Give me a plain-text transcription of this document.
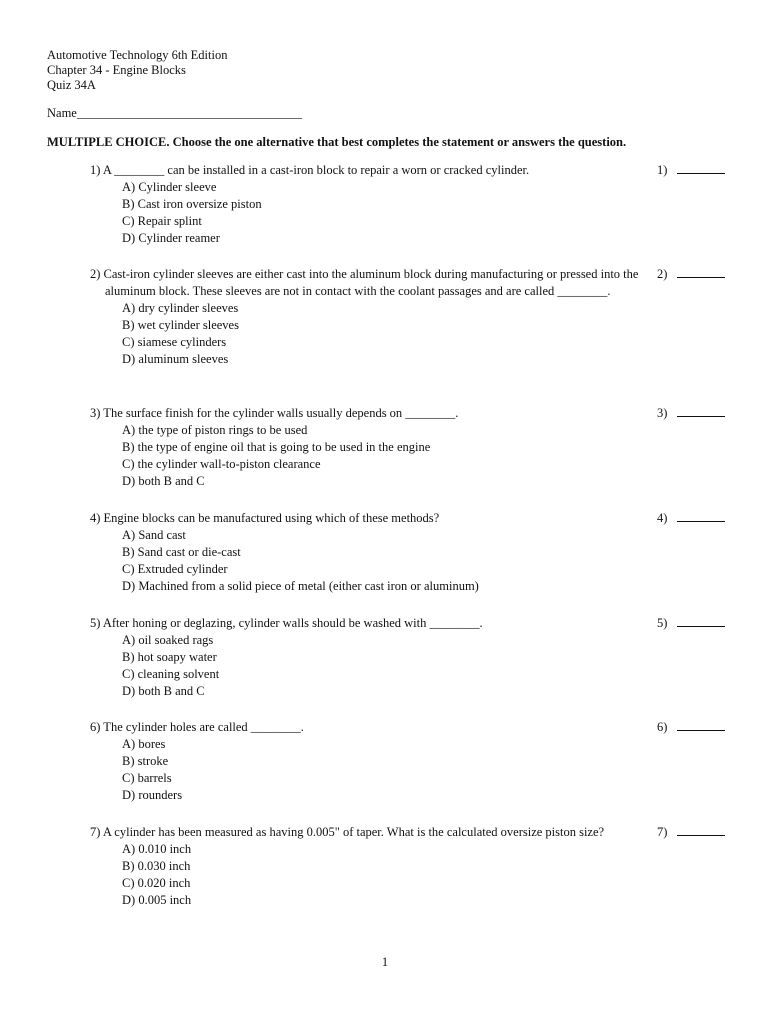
Automotive Technology 6th Edition
Chapter 34 - Engine Blocks
Quiz 34A
Name____________________________________
MULTIPLE CHOICE. Choose the one alternative that best completes the statement or answers the question.
1) A ________ can be installed in a cast-iron block to repair a worn or cracked cylinder.
A) Cylinder sleeve
B) Cast iron oversize piston
C) Repair splint
D) Cylinder reamer
1)
2) Cast-iron cylinder sleeves are either cast into the aluminum block during manufacturing or pressed into the aluminum block. These sleeves are not in contact with the coolant passages and are called ________.
A) dry cylinder sleeves
B) wet cylinder sleeves
C) siamese cylinders
D) aluminum sleeves
2)
3) The surface finish for the cylinder walls usually depends on ________.
A) the type of piston rings to be used
B) the type of engine oil that is going to be used in the engine
C) the cylinder wall-to-piston clearance
D) both B and C
3)
4) Engine blocks can be manufactured using which of these methods?
A) Sand cast
B) Sand cast or die-cast
C) Extruded cylinder
D) Machined from a solid piece of metal (either cast iron or aluminum)
4)
5) After honing or deglazing, cylinder walls should be washed with ________.
A) oil soaked rags
B) hot soapy water
C) cleaning solvent
D) both B and C
5)
6) The cylinder holes are called ________.
A) bores
B) stroke
C) barrels
D) rounders
6)
7) A cylinder has been measured as having 0.005" of taper. What is the calculated oversize piston size?
A) 0.010 inch
B) 0.030 inch
C) 0.020 inch
D) 0.005 inch
7)
1
